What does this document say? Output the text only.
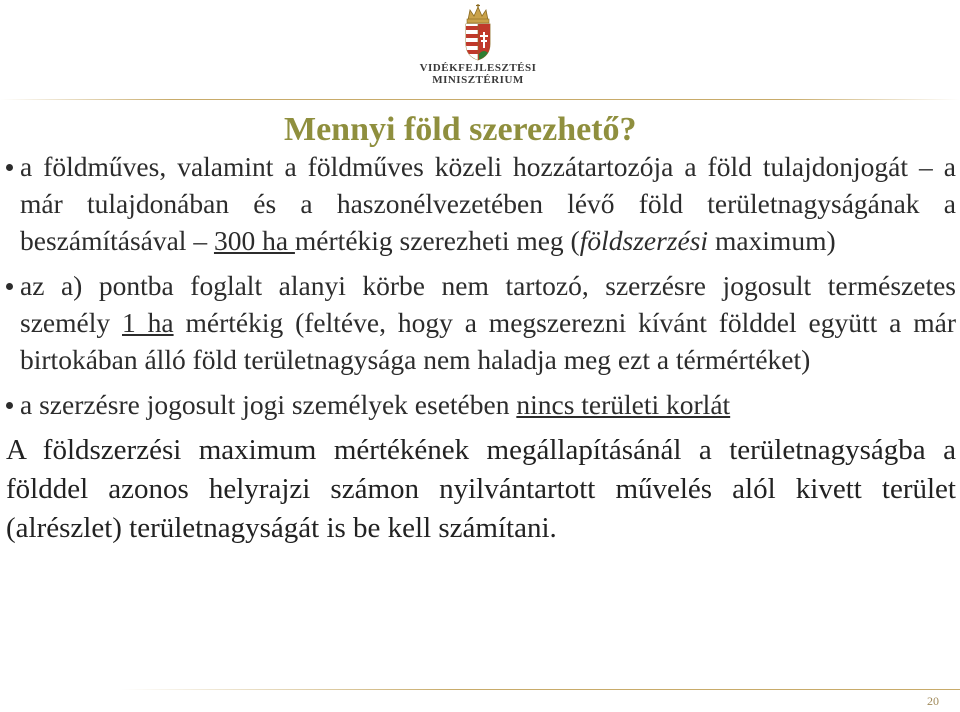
VIDÉKFEJLESZTÉSI
MINISZTÉRIUM
Mennyi föld szerezhető?

a földműves, valamint a földműves közeli hozzátartozója a föld tulajdonjogát – a már tulajdonában és a haszonélvezetében lévő föld területnagyságának a beszámításával – 300 ha mértékig szerezheti meg (földszerzési maximum)

az a) pontba foglalt alanyi körbe nem tartozó, szerzésre jogosult természetes személy 1 ha mértékig (feltéve, hogy a megszerezni kívánt földdel együtt a már birtokában álló föld területnagysága nem haladja meg ezt a térmértéket)

a szerzésre jogosult jogi személyek esetében nincs területi korlát

A földszerzési maximum mértékének megállapításánál a területnagyságba a földdel azonos helyrajzi számon nyilvántartott művelés alól kivett terület (alrészlet) területnagyságát is be kell számítani.

20
